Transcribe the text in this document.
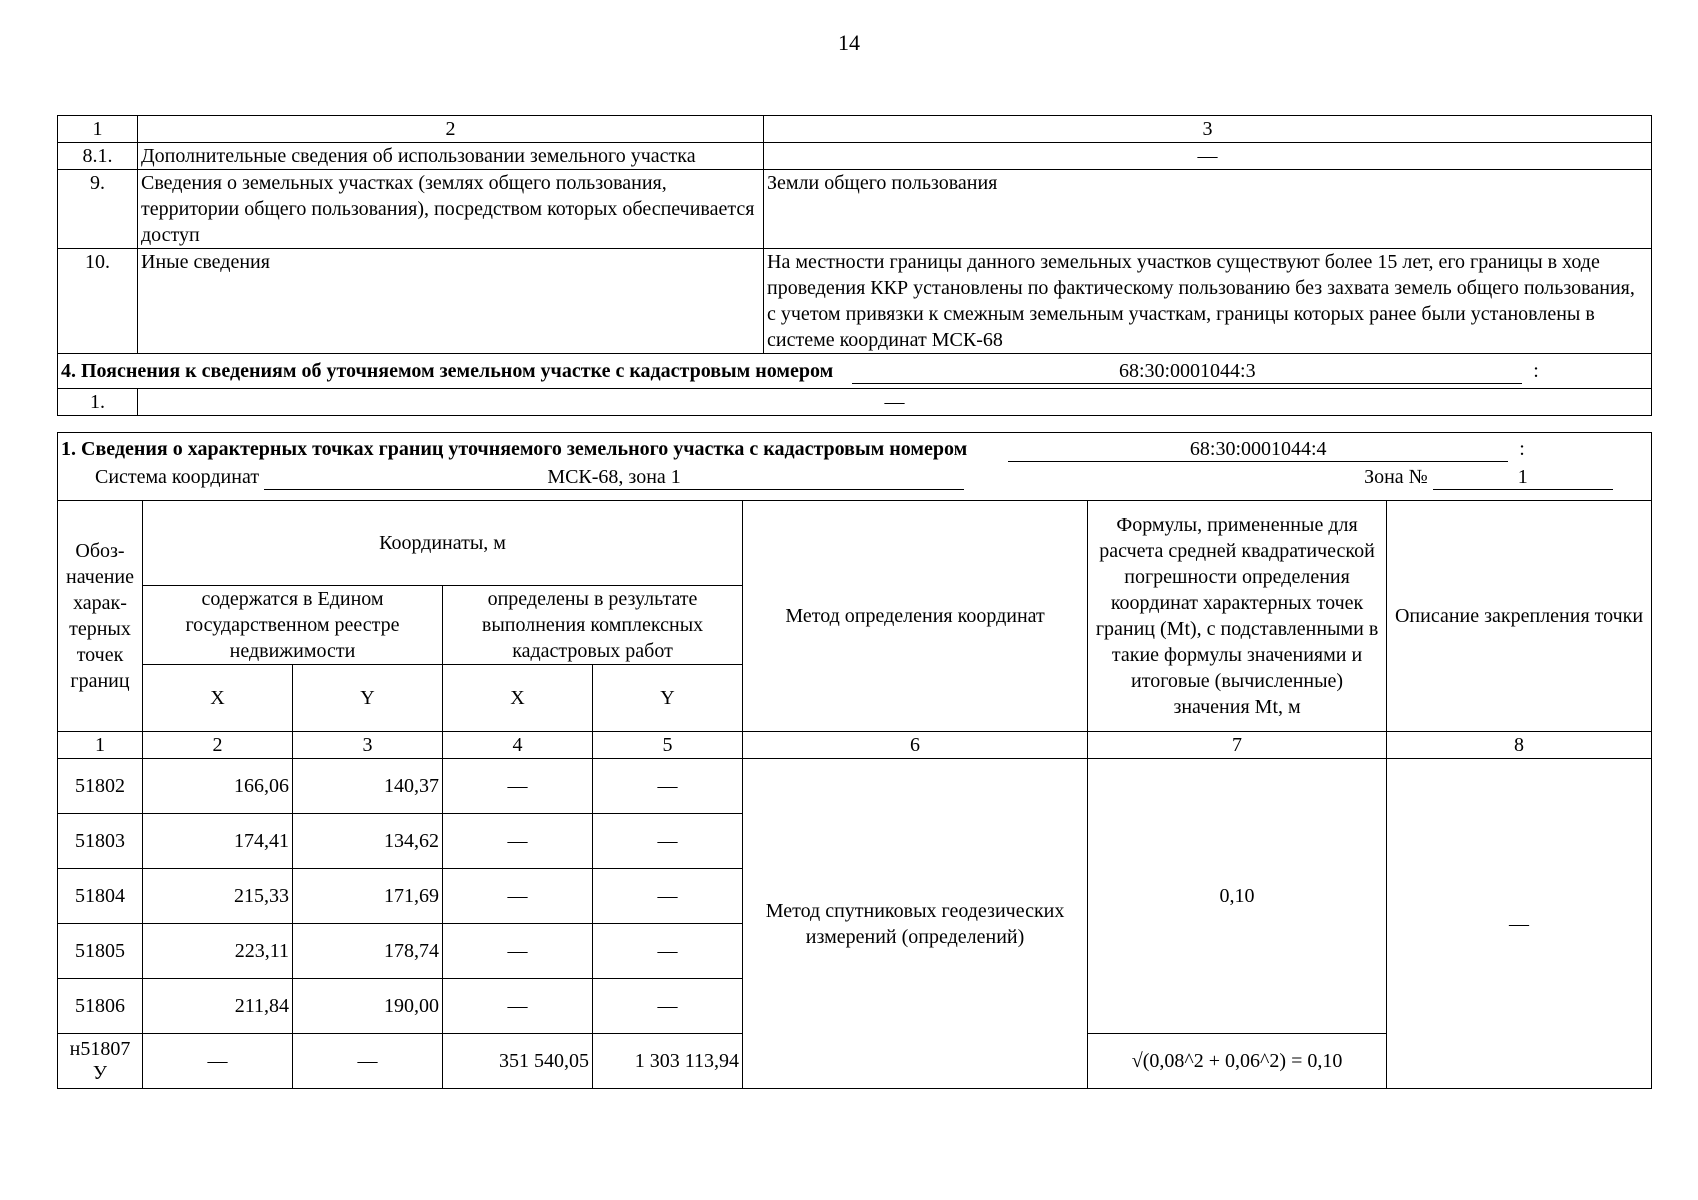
14
1	2	3
8.1.	Дополнительные сведения об использовании земельного участка	—
9.	Сведения о земельных участках (землях общего пользования, территории общего пользования), посредством которых обеспечивается доступ	Земли общего пользования
10.	Иные сведения	На местности границы данного земельных участков существуют более 15 лет, его границы в ходе проведения ККР установлены по фактическому пользованию без захвата земель общего пользования, с учетом привязки к смежным земельным участкам, границы которых ранее были установлены в системе координат МСК-68
4. Пояснения к сведениям об уточняемом земельном участке с кадастровым номером 68:30:0001044:3 :		
1.	—	
1. Сведения о характерных точках границ уточняемого земельного участка с кадастровым номером	68:30:0001044:4	:
Система координат	МСК-68, зона 1	Зона №	1
Обоз-начение харак-терных точек границ	Координаты, м				Метод определения координат	Формулы, примененные для расчета средней квадратической погрешности определения координат характерных точек границ (Mt), с подставленными в такие формулы значениями и итоговые (вычисленные) значения Mt, м	Описание закрепления точки
	содержатся в Едином государственном реестре недвижимости		определены в результате выполнения комплексных кадастровых работ				
	X	Y	X	Y			
1	2	3	4	5	6	7	8
51802	166,06	140,37	—	—	Метод спутниковых геодезических измерений (определений)	0,10	—
51803	174,41	134,62	—	—			
51804	215,33	171,69	—	—			
51805	223,11	178,74	—	—			
51806	211,84	190,00	—	—			
н51807 У	—	—	351 540,05	1 303 113,94		√(0,08^2 + 0,06^2) = 0,10	
